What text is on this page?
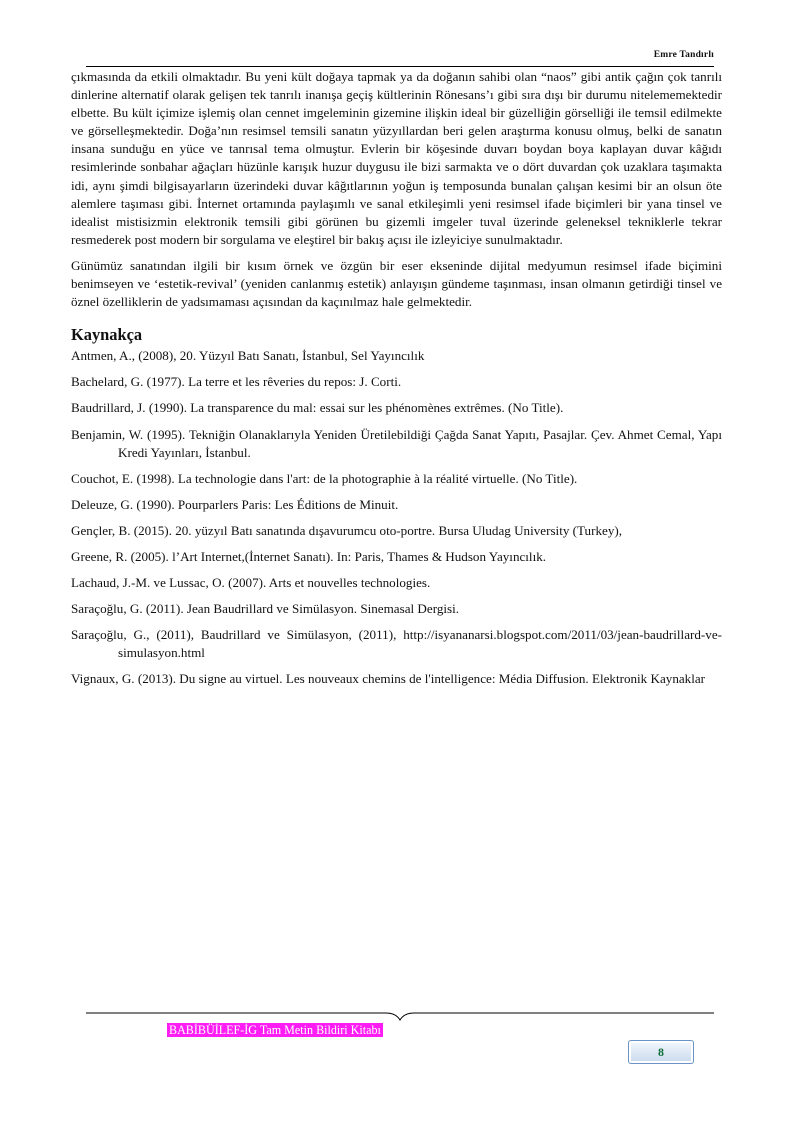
Emre Tandırlı

çıkmasında da etkili olmaktadır. Bu yeni kült doğaya tapmak ya da doğanın sahibi olan “naos” gibi antik çağın çok tanrılı dinlerine alternatif olarak gelişen tek tanrılı inanışa geçiş kültlerinin Rönesans’ı gibi sıra dışı bir durumu nitelememektedir elbette. Bu kült içimize işlemiş olan cennet imgeleminin gizemine ilişkin ideal bir güzelliğin görselliği ile temsil edilmekte ve görselleşmektedir. Doğa’nın resimsel temsili sanatın yüzyıllardan beri gelen araştırma konusu olmuş, belki de sanatın insana sunduğu en yüce ve tanrısal tema olmuştur. Evlerin bir köşesinde duvarı boydan boya kaplayan duvar kâğıdı resimlerinde sonbahar ağaçları hüzünle karışık huzur duygusu ile bizi sarmakta ve o dört duvardan çok uzaklara taşımakta idi, aynı şimdi bilgisayarların üzerindeki duvar kâğıtlarının yoğun iş temposunda bunalan çalışan kesimi bir an olsun öte alemlere taşıması gibi. İnternet ortamında paylaşımlı ve sanal etkileşimli yeni resimsel ifade biçimleri bir yana tinsel ve idealist mistisizmin elektronik temsili gibi görünen bu gizemli imgeler tuval üzerinde geleneksel tekniklerle tekrar resmederek post modern bir sorgulama ve eleştirel bir bakış açısı ile izleyiciye sunulmaktadır.

Günümüz sanatından ilgili bir kısım örnek ve özgün bir eser ekseninde dijital medyumun resimsel ifade biçimini benimseyen ve ‘estetik-revival’ (yeniden canlanmış estetik) anlayışın gündeme taşınması, insan olmanın getirdiği tinsel ve öznel özelliklerin de yadsımaması açısından da kaçınılmaz hale gelmektedir.

Kaynakça

Antmen, A., (2008), 20. Yüzyıl Batı Sanatı, İstanbul, Sel Yayıncılık

Bachelard, G. (1977). La terre et les rêveries du repos: J. Corti.

Baudrillard, J. (1990). La transparence du mal: essai sur les phénomènes extrêmes. (No Title).

Benjamin, W. (1995). Tekniğin Olanaklarıyla Yeniden Üretilebildiği Çağda Sanat Yapıtı, Pasajlar. Çev. Ahmet Cemal, Yapı Kredi Yayınları, İstanbul.

Couchot, E. (1998). La technologie dans l'art: de la photographie à la réalité virtuelle. (No Title).

Deleuze, G. (1990). Pourparlers Paris: Les Éditions de Minuit.

Gençler, B. (2015). 20. yüzyıl Batı sanatında dışavurumcu oto-portre. Bursa Uludag University (Turkey),

Greene, R. (2005). l’Art Internet,(İnternet Sanatı). In: Paris, Thames & Hudson Yayıncılık.

Lachaud, J.-M. ve Lussac, O. (2007). Arts et nouvelles technologies.

Saraçoğlu, G. (2011). Jean Baudrillard ve Simülasyon. Sinemasal Dergisi.

Saraçoğlu, G., (2011), Baudrillard ve Simülasyon, (2011), http://isyananarsi.blogspot.com/2011/03/jean-baudrillard-ve-simulasyon.html

Vignaux, G. (2013). Du signe au virtuel. Les nouveaux chemins de l'intelligence: Média Diffusion. Elektronik Kaynaklar

BABİBÜİLEF-İG Tam Metin Bildiri Kitabı
8
